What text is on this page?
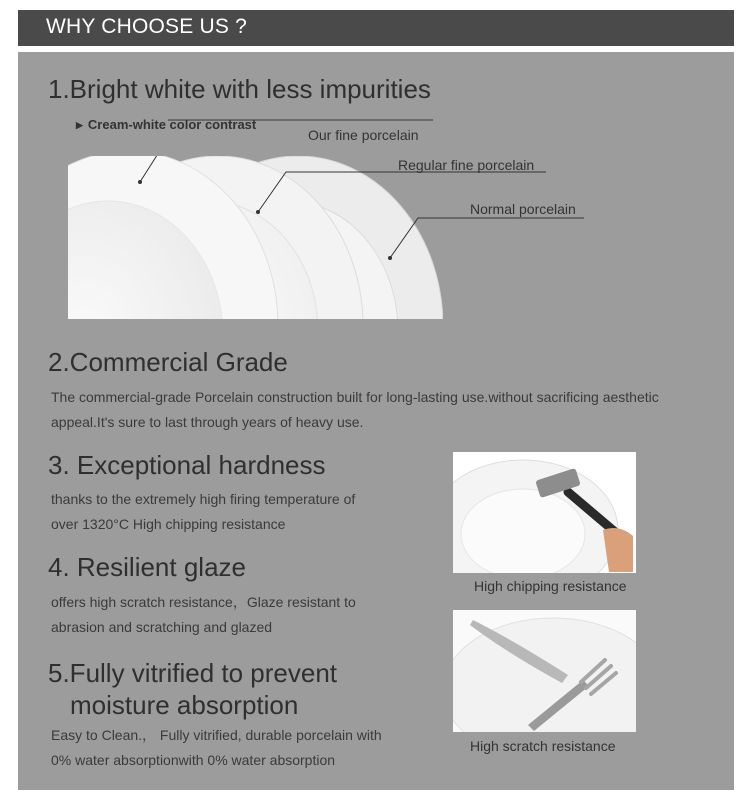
WHY CHOOSE US ?
1.Bright white with less impurities
▶ Cream-white color contrast
Our fine porcelain
Regular fine porcelain
Normal porcelain
2.Commercial Grade
The commercial-grade Porcelain construction built for long-lasting use.without sacrificing aesthetic
appeal.It's sure to last through years of heavy use.
3. Exceptional hardness
thanks to the extremely high firing temperature of
over 1320°C High chipping resistance
High chipping resistance
4. Resilient glaze
offers high scratch resistance，Glaze resistant to
abrasion and scratching and glazed
High scratch resistance
5.Fully vitrified to prevent
moisture absorption
Easy to Clean.， Fully vitrified, durable porcelain with
0% water absorptionwith 0% water absorption
